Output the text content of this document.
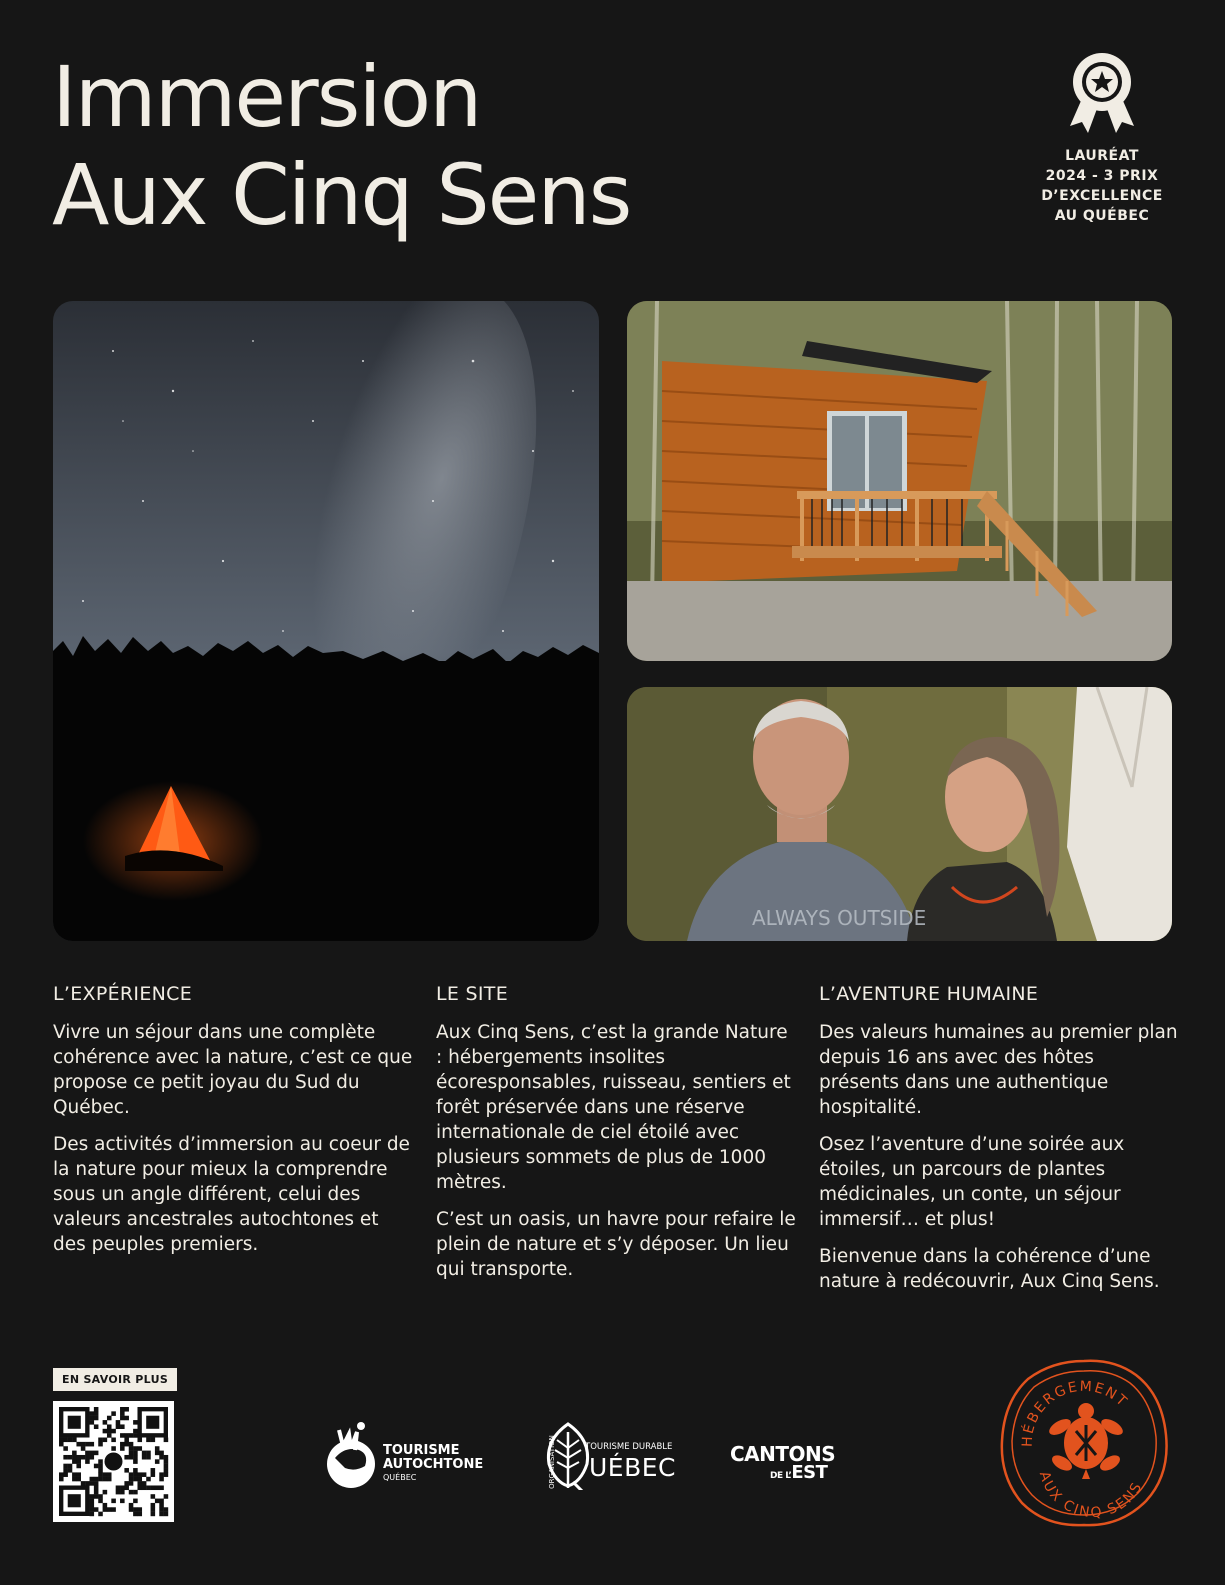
Immersion
Aux Cinq Sens	LAURÉAT
2024 - 3 PRIX
D’EXCELLENCE
AU QUÉBEC
ALWAYS OUTSIDE
L’EXPÉRIENCE

Vivre un séjour dans une complète cohérence avec la nature, c’est ce que propose ce petit joyau du Sud du Québec.

Des activités d’immersion au coeur de la nature pour mieux la comprendre sous un angle différent, celui des valeurs ancestrales autochtones et des peuples premiers.

LE SITE

Aux Cinq Sens, c’est la grande Nature : hébergements insolites écoresponsables, ruisseau, sentiers et forêt préservée dans une réserve internationale de ciel étoilé avec plusieurs sommets de plus de 1000 mètres.

C’est un oasis, un havre pour refaire le plein de nature et s’y déposer. Un lieu qui transporte.

L’AVENTURE HUMAINE

Des valeurs humaines au premier plan depuis 16 ans avec des hôtes présents dans une authentique hospitalité.

Osez l’aventure d’une soirée aux étoiles, un parcours de plantes médicinales, un conte, un séjour immersif… et plus!

Bienvenue dans la cohérence d’une nature à redécouvrir, Aux Cinq Sens.

EN SAVOIR PLUS
TOURISME
AUTOCHTONE
QUÉBEC
TOURISME DURABLE
UÉBEC
ORGANISATION	CANTONS
DE L’EST
HÉBERGEMENT
AUX CINQ SENS
